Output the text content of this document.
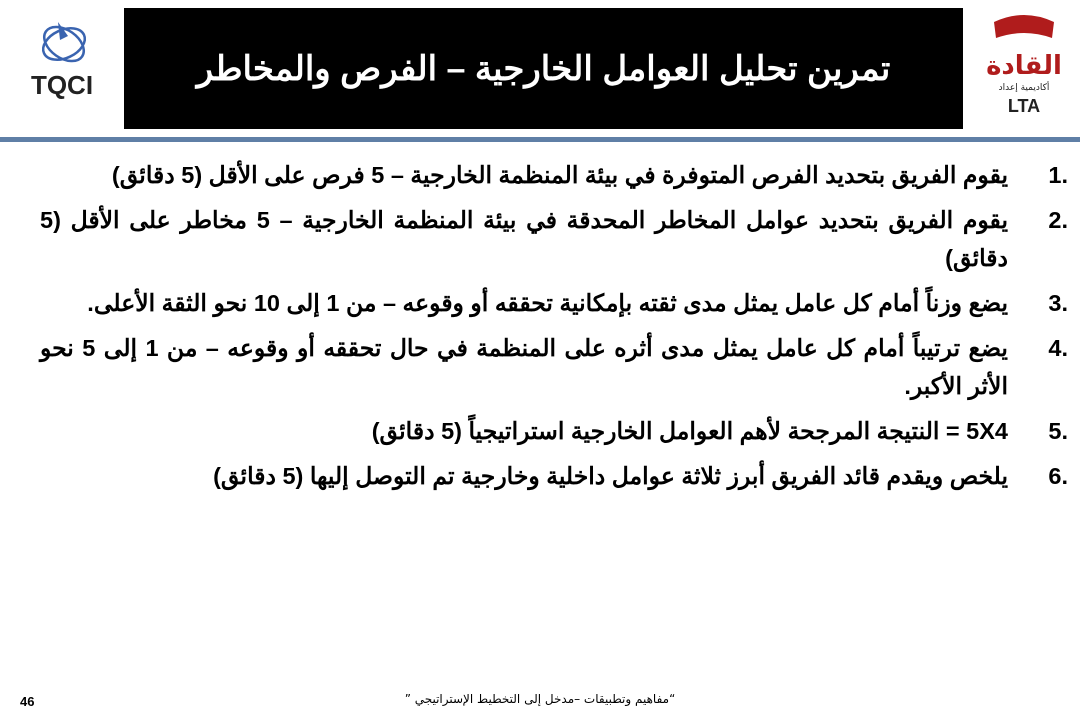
TQCI	تمرين تحليل العوامل الخارجية – الفرص والمخاطر	القادة
أكاديمية إعداد
LTA
1.
يقوم الفريق بتحديد الفرص المتوفرة في بيئة المنظمة الخارجية – 5 فرص على الأقل (5 دقائق)
2.
يقوم الفريق بتحديد عوامل المخاطر المحدقة في بيئة المنظمة الخارجية – 5 مخاطر على الأقل (5 دقائق)
3.
يضع وزناً أمام كل عامل يمثل مدى ثقته بإمكانية تحققه أو وقوعه – من 1 إلى 10 نحو الثقة الأعلى.
4.
يضع ترتيباً أمام كل عامل يمثل مدى أثره على المنظمة في حال تحققه أو وقوعه – من 1 إلى 5 نحو الأثر الأكبر.
5.
5X4 = النتيجة المرجحة لأهم العوامل الخارجية استراتيجياً (5 دقائق)
6.
يلخص ويقدم قائد الفريق أبرز ثلاثة عوامل داخلية وخارجية تم التوصل إليها (5 دقائق)
46	“مفاهيم وتطبيقات –مدخل إلى التخطيط الإستراتيجي ”
